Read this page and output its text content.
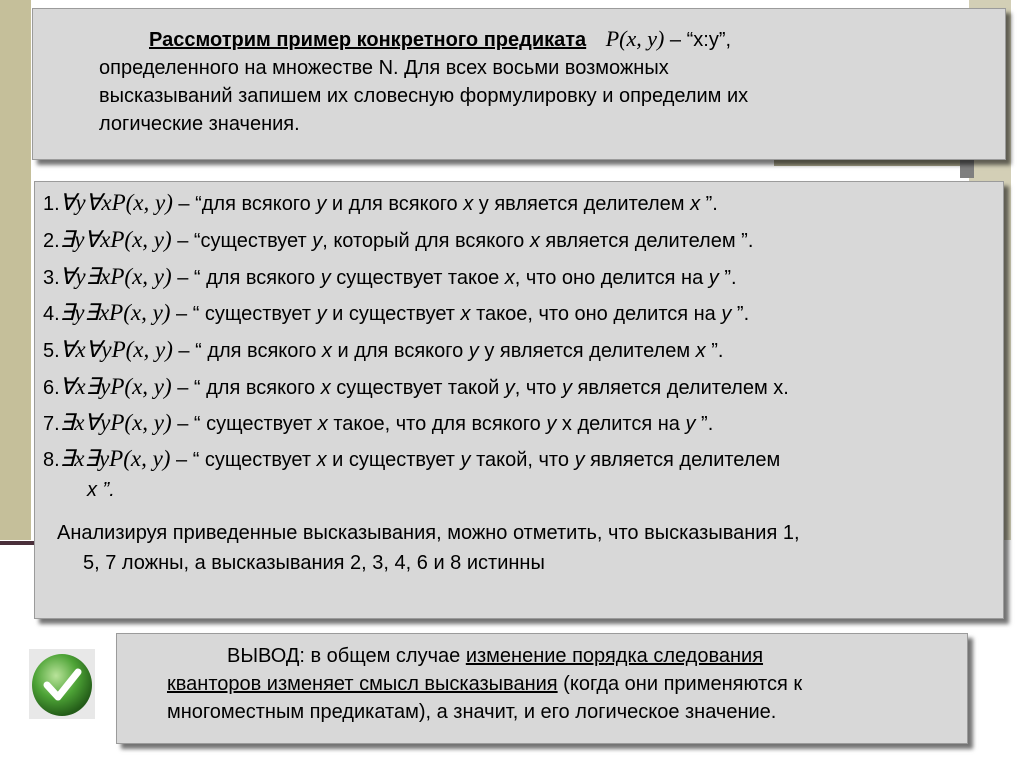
Рассмотрим пример конкретного предиката P(x, y) – “x:y”,
определенного на множестве N. Для всех восьми возможных
высказываний запишем их словесную формулировку и определим их
логические значения.
1.∀y∀xP(x, y) – “для всякого y и для всякого x y является делителем x ”.
2.∃y∀xP(x, y) – “существует y, который для всякого x является делителем ”.
3.∀y∃xP(x, y) – “ для всякого y существует такое x, что оно делится на y ”.
4.∃y∃xP(x, y) – “ существует y и существует x такое, что оно делится на y ”.
5.∀x∀yP(x, y) – “ для всякого x и для всякого y y является делителем x ”.
6.∀x∃yP(x, y) – “ для всякого x существует такой y, что y является делителем x.
7.∃x∀yP(x, y) – “ существует x такое, что для всякого y x делится на y ”.
8.∃x∃yP(x, y) – “ существует x и существует y такой, что y является делителем
x ”.
Анализируя приведенные высказывания, можно отметить, что высказывания 1,
5, 7 ложны, а высказывания 2, 3, 4, 6 и 8 истинны
ВЫВОД: в общем случае изменение порядка следования
кванторов изменяет смысл высказывания (когда они применяются к
многоместным предикатам), а значит, и его логическое значение.
